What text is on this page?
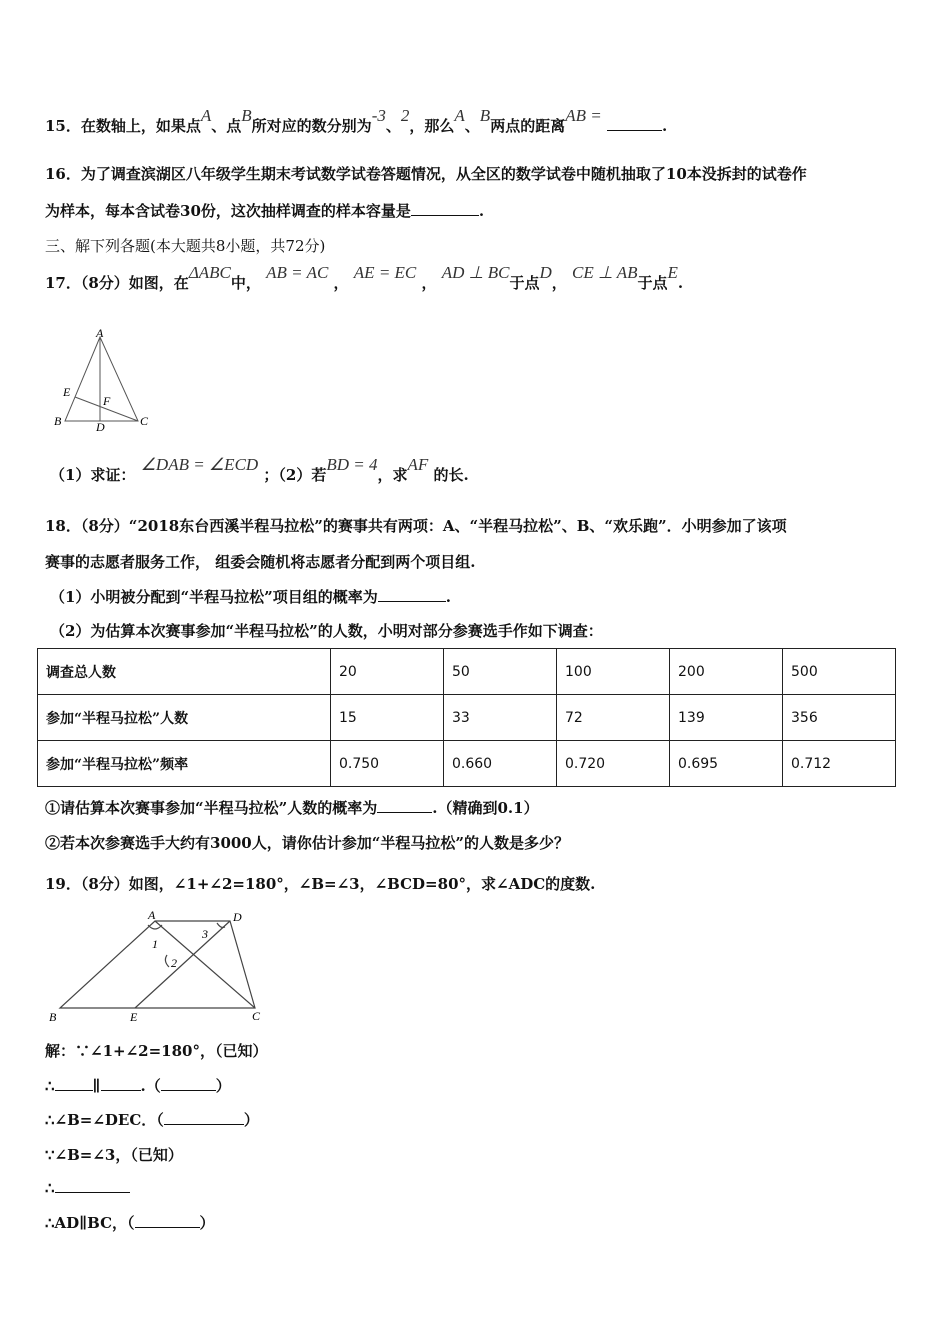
15．在数轴上，如果点A、点B所对应的数分别为-3、2，那么A、B两点的距离AB = .
16．为了调查滨湖区八年级学生期末考试数学试卷答题情况，从全区的数学试卷中随机抽取了10本没拆封的试卷作
为样本，每本含试卷30份，这次抽样调查的样本容量是	.
三、解下列各题(本大题共8小题，共72分)
17．（8分）如图，在ΔABC中， AB = AC ， AE = EC ， AD ⊥ BC于点D， CE ⊥ AB于点E.
A
E
F
B	D	C
（1）求证： ∠DAB = ∠ECD ；（2）若BD = 4，求AF 的长.
18．（8分）“2018东台西溪半程马拉松”的赛事共有两项：A、“半程马拉松”、B、“欢乐跑”．小明参加了该项
赛事的志愿者服务工作， 组委会随机将志愿者分配到两个项目组.
（1）小明被分配到“半程马拉松”项目组的概率为	.
（2）为估算本次赛事参加“半程马拉松”的人数，小明对部分参赛选手作如下调查：
调查总人数	20	50	100	200	500
参加“半程马拉松”人数	15	33	72	139	356
参加“半程马拉松”频率	0.750	0.660	0.720	0.695	0.712
①请估算本次赛事参加“半程马拉松”人数的概率为	.（精确到0.1）
②若本次参赛选手大约有3000人，请你估计参加“半程马拉松”的人数是多少？
19．（8分）如图，∠1+∠2=180°，∠B=∠3，∠BCD=80°，求∠ADC的度数.
A	D
1
2
3
B	E	C
解：∵∠1+∠2=180°，（已知）
∴	∥	.（	）
∴∠B=∠DEC．（	）
∵∠B=∠3，（已知）
∴
∴AD∥BC，（	）
